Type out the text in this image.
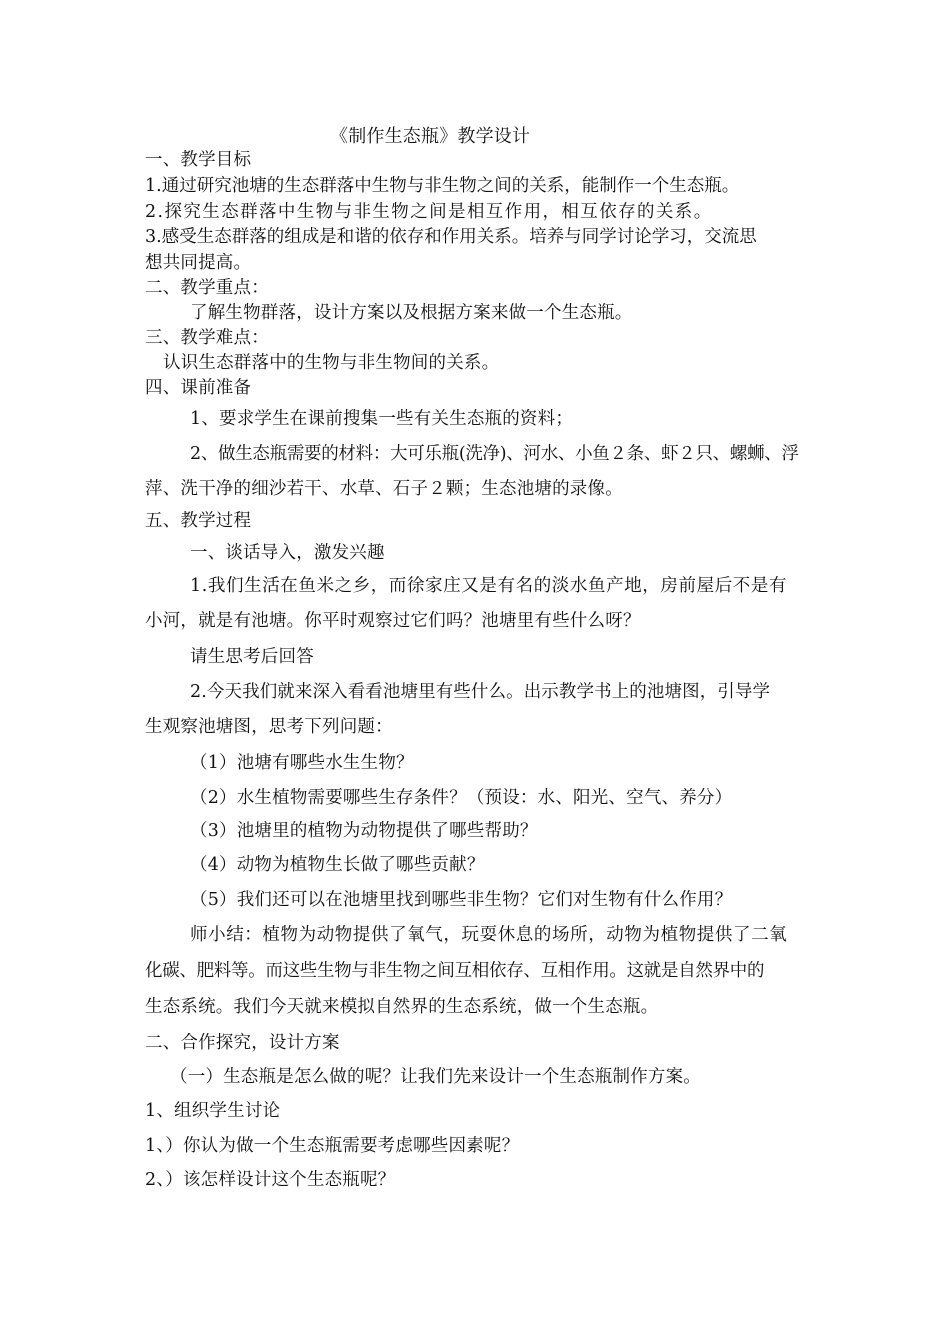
《制作生态瓶》教学设计
一、教学目标
1.通过研究池塘的生态群落中生物与非生物之间的关系，能制作一个生态瓶。
2.探究生态群落中生物与非生物之间是相互作用，相互依存的关系。
3.感受生态群落的组成是和谐的依存和作用关系。培养与同学讨论学习，交流思
想共同提高。
二、教学重点：
了解生物群落，设计方案以及根据方案来做一个生态瓶。
三、教学难点：
认识生态群落中的生物与非生物间的关系。
四、课前准备
1、要求学生在课前搜集一些有关生态瓶的资料；
2、做生态瓶需要的材料：大可乐瓶(洗净)、河水、小鱼２条、虾２只、螺蛳、浮
萍、洗干净的细沙若干、水草、石子２颗；生态池塘的录像。
五、教学过程
一、谈话导入，激发兴趣
1.我们生活在鱼米之乡，而徐家庄又是有名的淡水鱼产地，房前屋后不是有
小河，就是有池塘。你平时观察过它们吗？池塘里有些什么呀？
请生思考后回答
2.今天我们就来深入看看池塘里有些什么。出示教学书上的池塘图，引导学
生观察池塘图，思考下列问题：
（1）池塘有哪些水生生物？
（2）水生植物需要哪些生存条件？（预设：水、阳光、空气、养分）
（3）池塘里的植物为动物提供了哪些帮助？
（4）动物为植物生长做了哪些贡献？
（5）我们还可以在池塘里找到哪些非生物？它们对生物有什么作用？
师小结：植物为动物提供了氧气，玩耍休息的场所，动物为植物提供了二氧
化碳、肥料等。而这些生物与非生物之间互相依存、互相作用。这就是自然界中的
生态系统。我们今天就来模拟自然界的生态系统，做一个生态瓶。
二、合作探究，设计方案
（一）生态瓶是怎么做的呢？让我们先来设计一个生态瓶制作方案。
1、组织学生讨论
1、）你认为做一个生态瓶需要考虑哪些因素呢？
2、）该怎样设计这个生态瓶呢？
